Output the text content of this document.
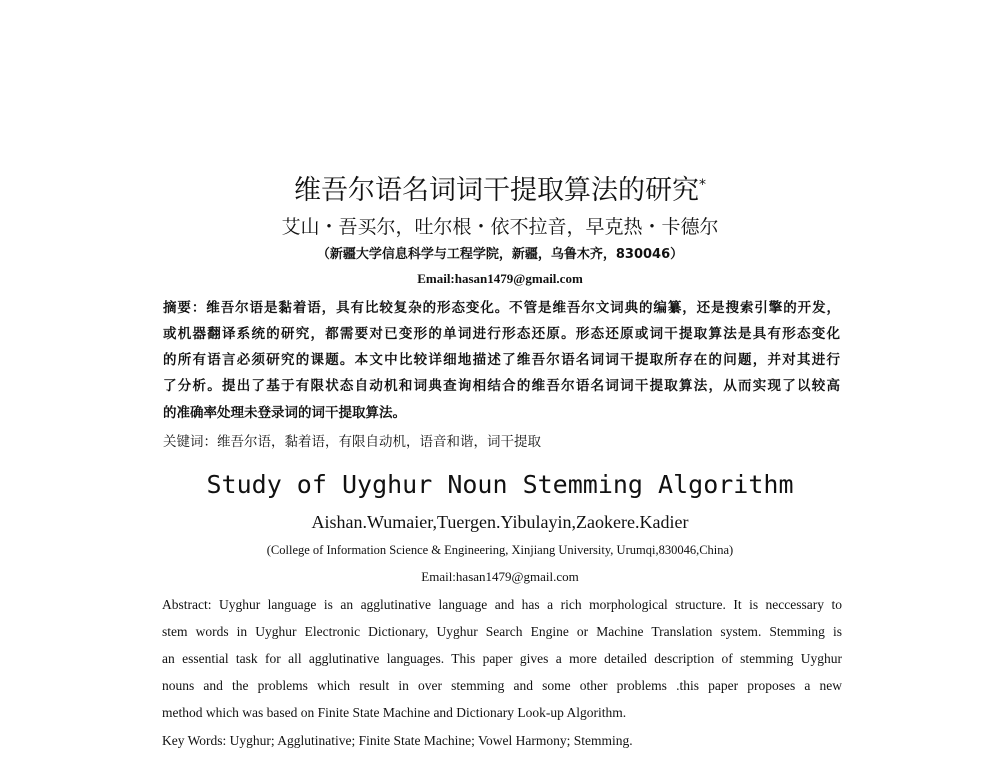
维吾尔语名词词干提取算法的研究*
艾山・吾买尔，吐尔根・依不拉音，早克热・卡德尔
（新疆大学信息科学与工程学院，新疆，乌鲁木齐，830046）
Email:hasan1479@gmail.com
摘要：维吾尔语是黏着语，具有比较复杂的形态变化。不管是维吾尔文词典的编纂，还是搜索引擎的开发，
或机器翻译系统的研究，都需要对已变形的单词进行形态还原。形态还原或词干提取算法是具有形态变化
的所有语言必须研究的课题。本文中比较详细地描述了维吾尔语名词词干提取所存在的问题，并对其进行
了分析。提出了基于有限状态自动机和词典查询相结合的维吾尔语名词词干提取算法，从而实现了以较高
的准确率处理未登录词的词干提取算法。
关键词：维吾尔语，黏着语，有限自动机，语音和谐，词干提取
Study of Uyghur Noun Stemming Algorithm
Aishan.Wumaier,Tuergen.Yibulayin,Zaokere.Kadier
(College of Information Science & Engineering, Xinjiang University, Urumqi,830046,China)
Email:hasan1479@gmail.com
Abstract: Uyghur language is an agglutinative language and has a rich morphological structure. It is neccessary to
stem words in Uyghur Electronic Dictionary, Uyghur Search Engine or Machine Translation system. Stemming is
an essential task for all agglutinative languages. This paper gives a more detailed description of stemming Uyghur
nouns and the problems which result in over stemming and some other problems .this paper proposes a new
method which was based on Finite State Machine and Dictionary Look-up Algorithm.
Key Words: Uyghur; Agglutinative; Finite State Machine; Vowel Harmony; Stemming.
